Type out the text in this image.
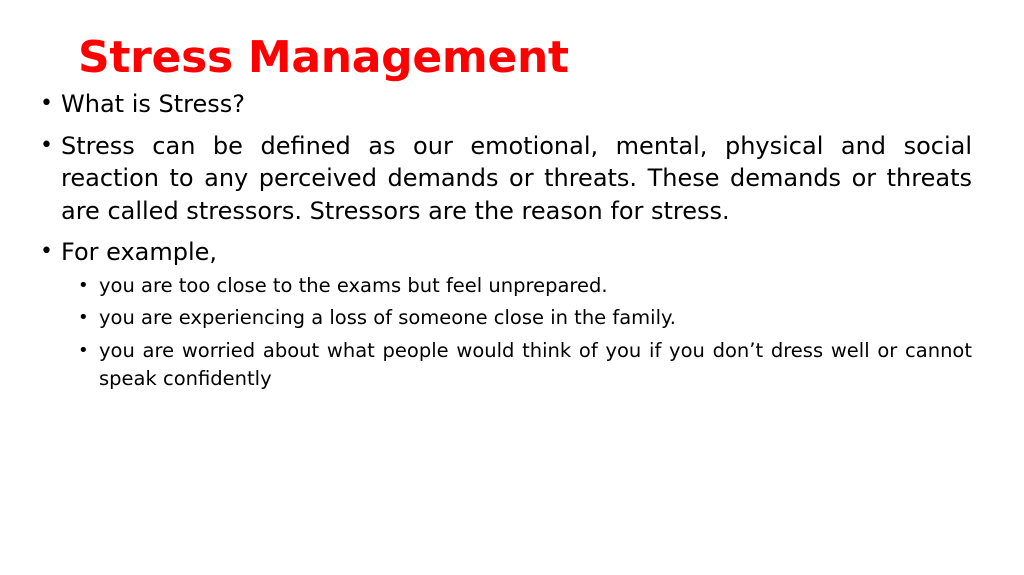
Stress Management
• What is Stress?
• Stress can be defined as our emotional, mental, physical and social reaction to any perceived demands or threats. These demands or threats are called stressors. Stressors are the reason for stress.
• For example,
• you are too close to the exams but feel unprepared.
• you are experiencing a loss of someone close in the family.
• you are worried about what people would think of you if you don’t dress well or cannot speak confidently
